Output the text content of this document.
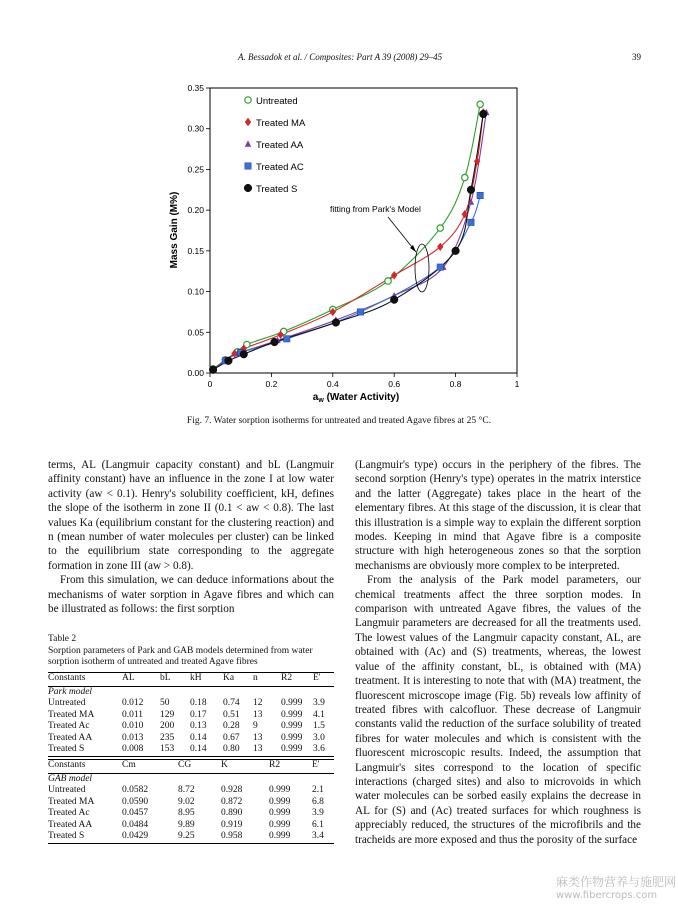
A. Bessadok et al. / Composites: Part A 39 (2008) 29–45	39
0	0.2	0.4	0.6	0.8	1
0.00
0.05
0.10
0.15
0.20
0.25
0.30
0.35
Untreated
Treated MA
Treated AA
Treated AC
Treated S
fitting from Park's Model
$a_w$ (Water Activity)
Mass Gain (M%)
Fig. 7. Water sorption isotherms for untreated and treated Agave fibres at 25 °C.

terms, AL (Langmuir capacity constant) and bL (Langmuir affinity constant) have an influence in the zone I at low water activity (aw < 0.1). Henry's solubility coefficient, kH, defines the slope of the isotherm in zone II (0.1 < aw < 0.8). The last values Ka (equilibrium constant for the clustering reaction) and n (mean number of water molecules per cluster) can be linked to the equilibrium state corresponding to the aggregate formation in zone III (aw > 0.8).

From this simulation, we can deduce informations about the mechanisms of water sorption in Agave fibres and which can be illustrated as follows: the first sorption

Table 2

Sorption parameters of Park and GAB models determined from water sorption isotherm of untreated and treated Agave fibres

Constants	AL	bL	kH	Ka	n	R2	E'
Park model							
Untreated	0.012	50	0.18	0.74	12	0.999	3.9
Treated MA	0.011	129	0.17	0.51	13	0.999	4.1
Treated Ac	0.010	200	0.13	0.28	9	0.999	1.5
Treated AA	0.013	235	0.14	0.67	13	0.999	3.0
Treated S	0.008	153	0.14	0.80	13	0.999	3.6
Constants	Cm	CG	K	R2	E'
GAB model					
Untreated	0.0582	8.72	0.928	0.999	2.1
Treated MA	0.0590	9.02	0.872	0.999	6.8
Treated Ac	0.0457	8.95	0.890	0.999	3.9
Treated AA	0.0484	9.89	0.919	0.999	6.1
Treated S	0.0429	9.25	0.958	0.999	3.4

(Langmuir's type) occurs in the periphery of the fibres. The second sorption (Henry's type) operates in the matrix interstice and the latter (Aggregate) takes place in the heart of the elementary fibres. At this stage of the discussion, it is clear that this illustration is a simple way to explain the different sorption modes. Keeping in mind that Agave fibre is a composite structure with high heterogeneous zones so that the sorption mechanisms are obviously more complex to be interpreted.

From the analysis of the Park model parameters, our chemical treatments affect the three sorption modes. In comparison with untreated Agave fibres, the values of the Langmuir parameters are decreased for all the treatments used. The lowest values of the Langmuir capacity constant, AL, are obtained with (Ac) and (S) treatments, whereas, the lowest value of the affinity constant, bL, is obtained with (MA) treatment. It is interesting to note that with (MA) treatment, the fluorescent microscope image (Fig. 5b) reveals low affinity of treated fibres with calcofluor. These decrease of Langmuir constants valid the reduction of the surface solubility of treated fibres for water molecules and which is consistent with the fluorescent microscopic results. Indeed, the assumption that Langmuir's sites correspond to the location of specific interactions (charged sites) and also to microvoids in which water molecules can be sorbed easily explains the decrease in AL for (S) and (Ac) treated surfaces for which roughness is appreciably reduced, the structures of the microfibrils and the tracheids are more exposed and thus the porosity of the surface

麻类作物营养与施肥网
www.fibercrops.com
